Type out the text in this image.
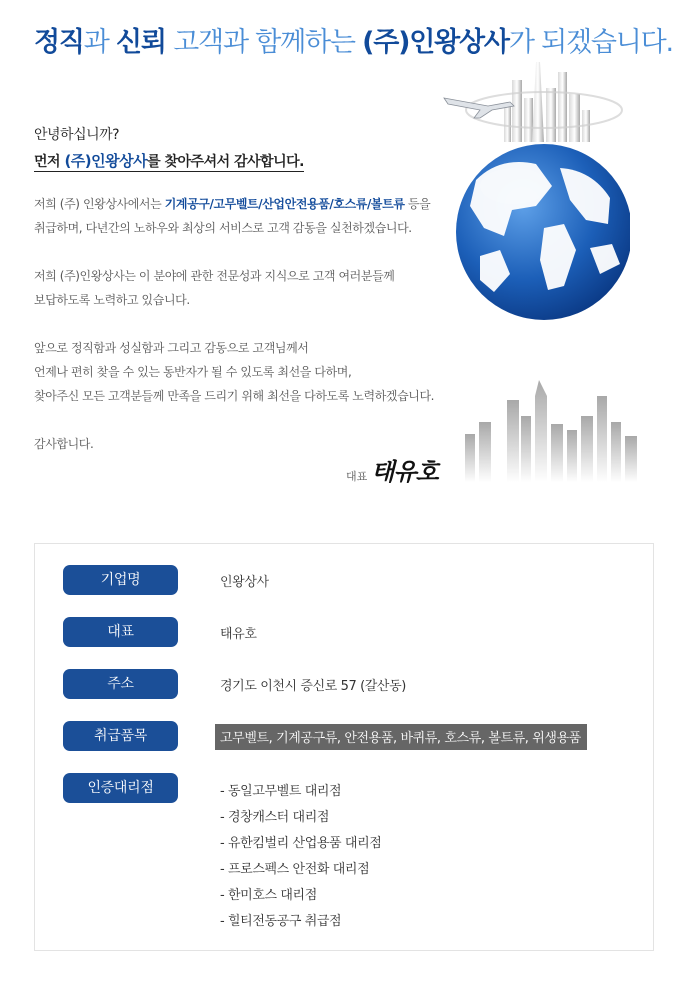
정직과 신뢰 고객과 함께하는 (주)인왕상사가 되겠습니다.
안녕하십니까?
먼저 (주)인왕상사를 찾아주셔서 감사합니다.
저희 (주) 인왕상사에서는 기계공구/고무벨트/산업안전용품/호스류/볼트류 등을
취급하며, 다년간의 노하우와 최상의 서비스로 고객 감동을 실천하겠습니다.
저희 (주)인왕상사는 이 분야에 관한 전문성과 지식으로 고객 여러분들께
보답하도록 노력하고 있습니다.
앞으로 정직함과 성실함과 그리고 감동으로 고객님께서
언제나 편히 찾을 수 있는 동반자가 될 수 있도록 최선을 다하며,
찾아주신 모든 고객분들께 만족을 드리기 위해 최선을 다하도록 노력하겠습니다.
감사합니다.
대표 태유호
기업명	인왕상사
대표	태유호
주소	경기도 이천시 증신로 57 (갈산동)
취급품목	고무벨트, 기계공구류, 안전용품, 바퀴류, 호스류, 볼트류, 위생용품
인증대리점	- 동일고무벨트 대리점
- 경창캐스터 대리점
- 유한킴벌리 산업용품 대리점
- 프로스펙스 안전화 대리점
- 한미호스 대리점
- 힐티전동공구 취급점
